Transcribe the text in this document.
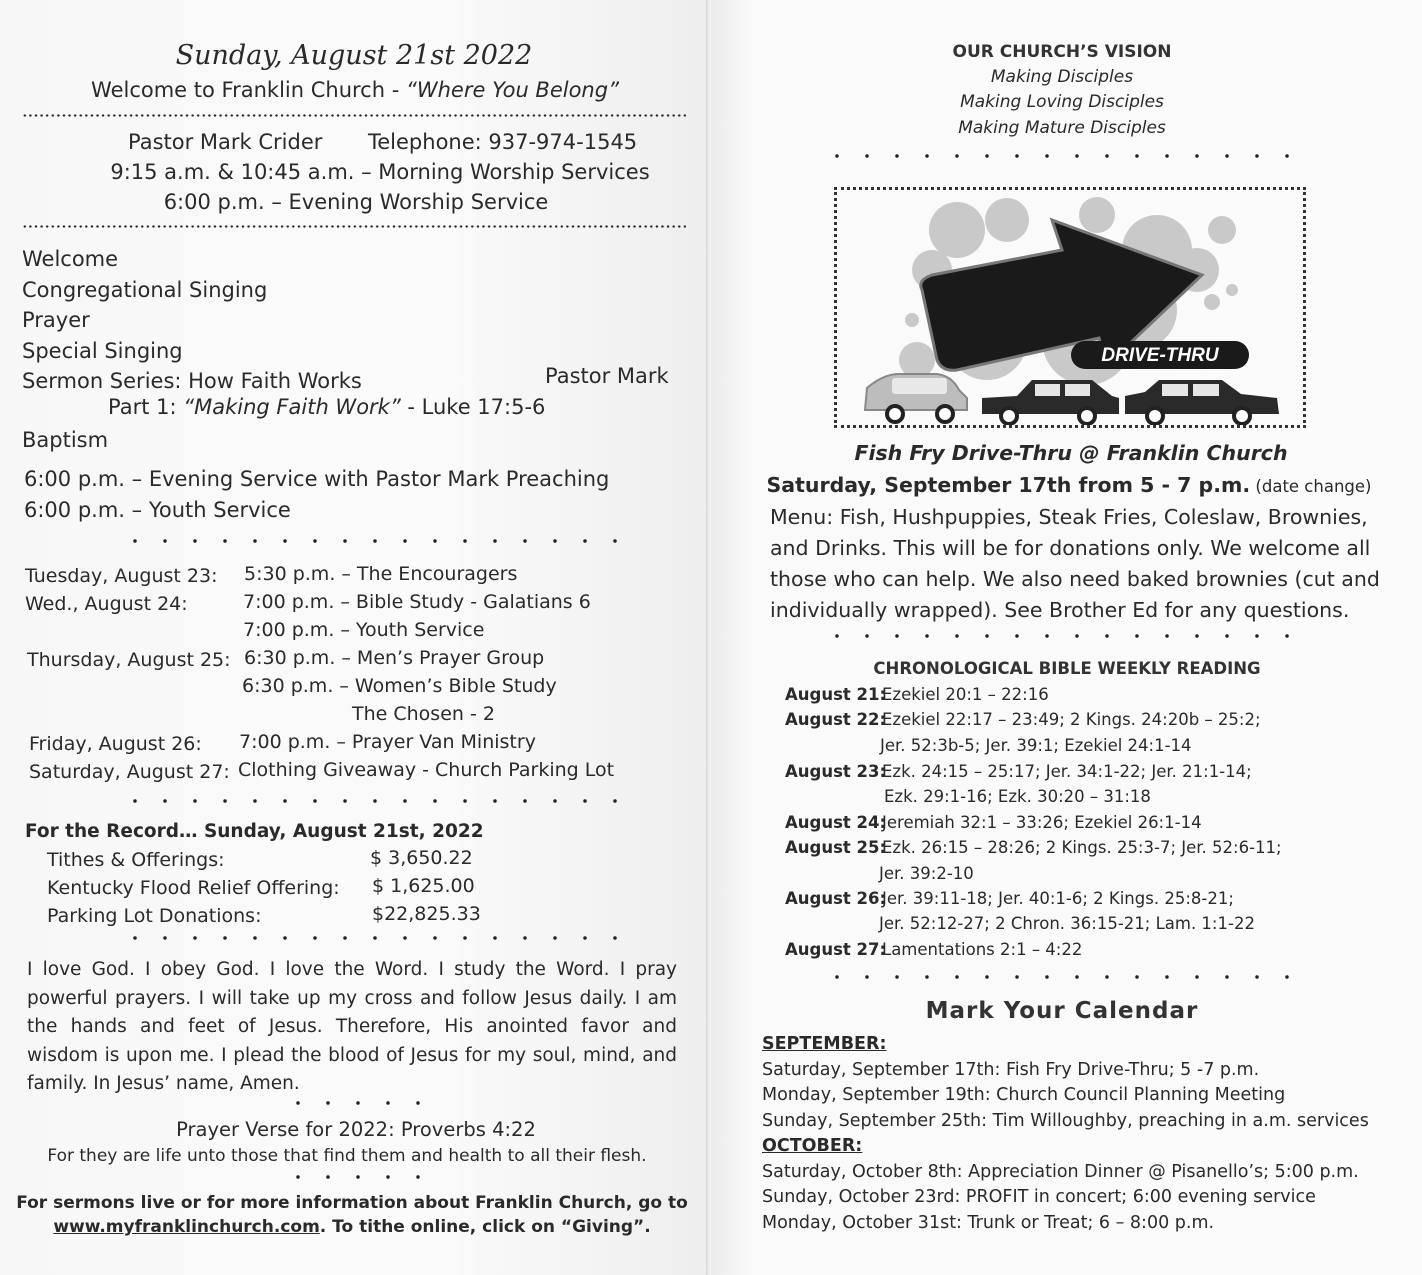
Sunday, August 21st 2022
Welcome to Franklin Church - “Where You Belong”
Pastor Mark Crider Telephone: 937-974-1545
9:15 a.m. & 10:45 a.m. – Morning Worship Services
6:00 p.m. – Evening Worship Service
Welcome
Congregational Singing
Prayer
Special Singing
Sermon Series: How Faith Works	Pastor Mark
Part 1: “Making Faith Work” - Luke 17:5-6
Baptism
6:00 p.m. – Evening Service with Pastor Mark Preaching
6:00 p.m. – Youth Service
Tuesday, August 23: 5:30 p.m. – The Encouragers
Wed., August 24:	7:00 p.m. – Bible Study - Galatians 6
7:00 p.m. – Youth Service
Thursday, August 25: 6:30 p.m. – Men’s Prayer Group
6:30 p.m. – Women’s Bible Study
The Chosen - 2
Friday, August 26: 7:00 p.m. – Prayer Van Ministry
Saturday, August 27: Clothing Giveaway - Church Parking Lot
For the Record… Sunday, August 21st, 2022
Tithes & Offerings:	$ 3,650.22
Kentucky Flood Relief Offering: $ 1,625.00
Parking Lot Donations:	$22,825.33
I love God. I obey God. I love the Word. I study the Word. I pray powerful prayers. I will take up my cross and follow Jesus daily. I am the hands and feet of Jesus. Therefore, His anointed favor and wisdom is upon me. I plead the blood of Jesus for my soul, mind, and family. In Jesus’ name, Amen.
Prayer Verse for 2022: Proverbs 4:22
For they are life unto those that find them and health to all their flesh.
For sermons live or for more information about Franklin Church, go to
www.myfranklinchurch.com. To tithe online, click on “Giving”.
OUR CHURCH’S VISION
Making Disciples
Making Loving Disciples
Making Mature Disciples
DRIVE-THRU
Fish Fry Drive-Thru @ Franklin Church
Saturday, September 17th from 5 - 7 p.m. (date change)
Menu: Fish, Hushpuppies, Steak Fries, Coleslaw, Brownies,
and Drinks. This will be for donations only. We welcome all
those who can help. We also need baked brownies (cut and
individually wrapped). See Brother Ed for any questions.
CHRONOLOGICAL BIBLE WEEKLY READING
August 21:
Ezekiel 20:1 – 22:16
August 22:
Ezekiel 22:17 – 23:49; 2 Kings. 24:20b – 25:2;
Jer. 52:3b-5; Jer. 39:1; Ezekiel 24:1-14
August 23:
Ezk. 24:15 – 25:17; Jer. 34:1-22; Jer. 21:1-14;
Ezk. 29:1-16; Ezk. 30:20 – 31:18
August 24:
Jeremiah 32:1 – 33:26; Ezekiel 26:1-14
August 25:
Ezk. 26:15 – 28:26; 2 Kings. 25:3-7; Jer. 52:6-11;
Jer. 39:2-10
August 26:
Jer. 39:11-18; Jer. 40:1-6; 2 Kings. 25:8-21;
Jer. 52:12-27; 2 Chron. 36:15-21; Lam. 1:1-22
August 27:
Lamentations 2:1 – 4:22
Mark Your Calendar
SEPTEMBER:
Saturday, September 17th: Fish Fry Drive-Thru; 5 -7 p.m.
Monday, September 19th: Church Council Planning Meeting
Sunday, September 25th: Tim Willoughby, preaching in a.m. services
OCTOBER:
Saturday, October 8th: Appreciation Dinner @ Pisanello’s; 5:00 p.m.
Sunday, October 23rd: PROFIT in concert; 6:00 evening service
Monday, October 31st: Trunk or Treat; 6 – 8:00 p.m.
